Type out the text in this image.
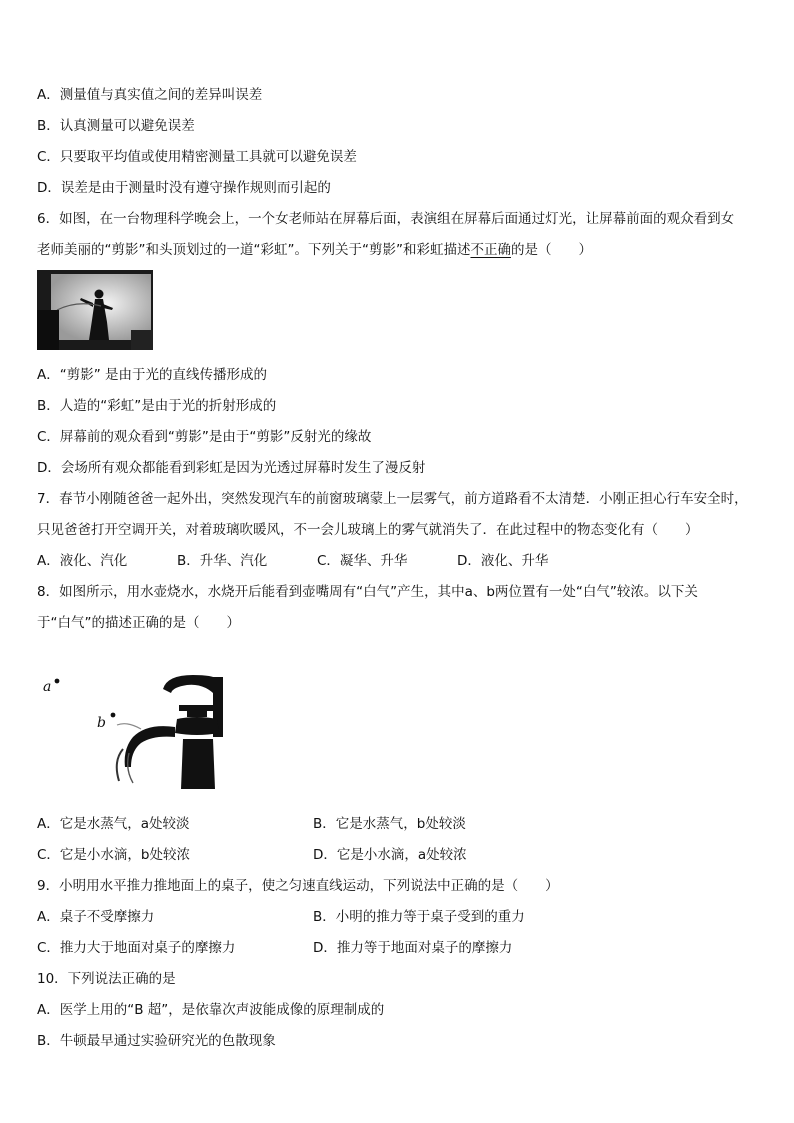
A．测量值与真实值之间的差异叫误差
B．认真测量可以避免误差
C．只要取平均值或使用精密测量工具就可以避免误差
D．误差是由于测量时没有遵守操作规则而引起的
6．如图，在一台物理科学晚会上，一个女老师站在屏幕后面，表演组在屏幕后面通过灯光，让屏幕前面的观众看到女
老师美丽的“剪影”和头顶划过的一道“彩虹”。下列关于“剪影”和彩虹描述不正确的是（　　）
A．“剪影” 是由于光的直线传播形成的
B．人造的“彩虹”是由于光的折射形成的
C．屏幕前的观众看到“剪影”是由于“剪影”反射光的缘故
D．会场所有观众都能看到彩虹是因为光透过屏幕时发生了漫反射
7．春节小刚随爸爸一起外出，突然发现汽车的前窗玻璃蒙上一层雾气，前方道路看不太清楚．小刚正担心行车安全时，
只见爸爸打开空调开关，对着玻璃吹暖风，不一会儿玻璃上的雾气就消失了．在此过程中的物态变化有（　　）
A．液化、汽化	B．升华、汽化	C．凝华、升华	D．液化、升华
8．如图所示，用水壶烧水，水烧开后能看到壶嘴周有“白气”产生，其中a、b两位置有一处“白气”较浓。以下关
于“白气”的描述正确的是（　　）
a
b
A．它是水蒸气，a处较淡	B．它是水蒸气，b处较淡
C．它是小水滴，b处较浓	D．它是小水滴，a处较浓
9．小明用水平推力推地面上的桌子，使之匀速直线运动，下列说法中正确的是（　　）
A．桌子不受摩擦力	B．小明的推力等于桌子受到的重力
C．推力大于地面对桌子的摩擦力	D．推力等于地面对桌子的摩擦力
10．下列说法正确的是
A．医学上用的“B 超”，是依靠次声波能成像的原理制成的
B．牛顿最早通过实验研究光的色散现象
